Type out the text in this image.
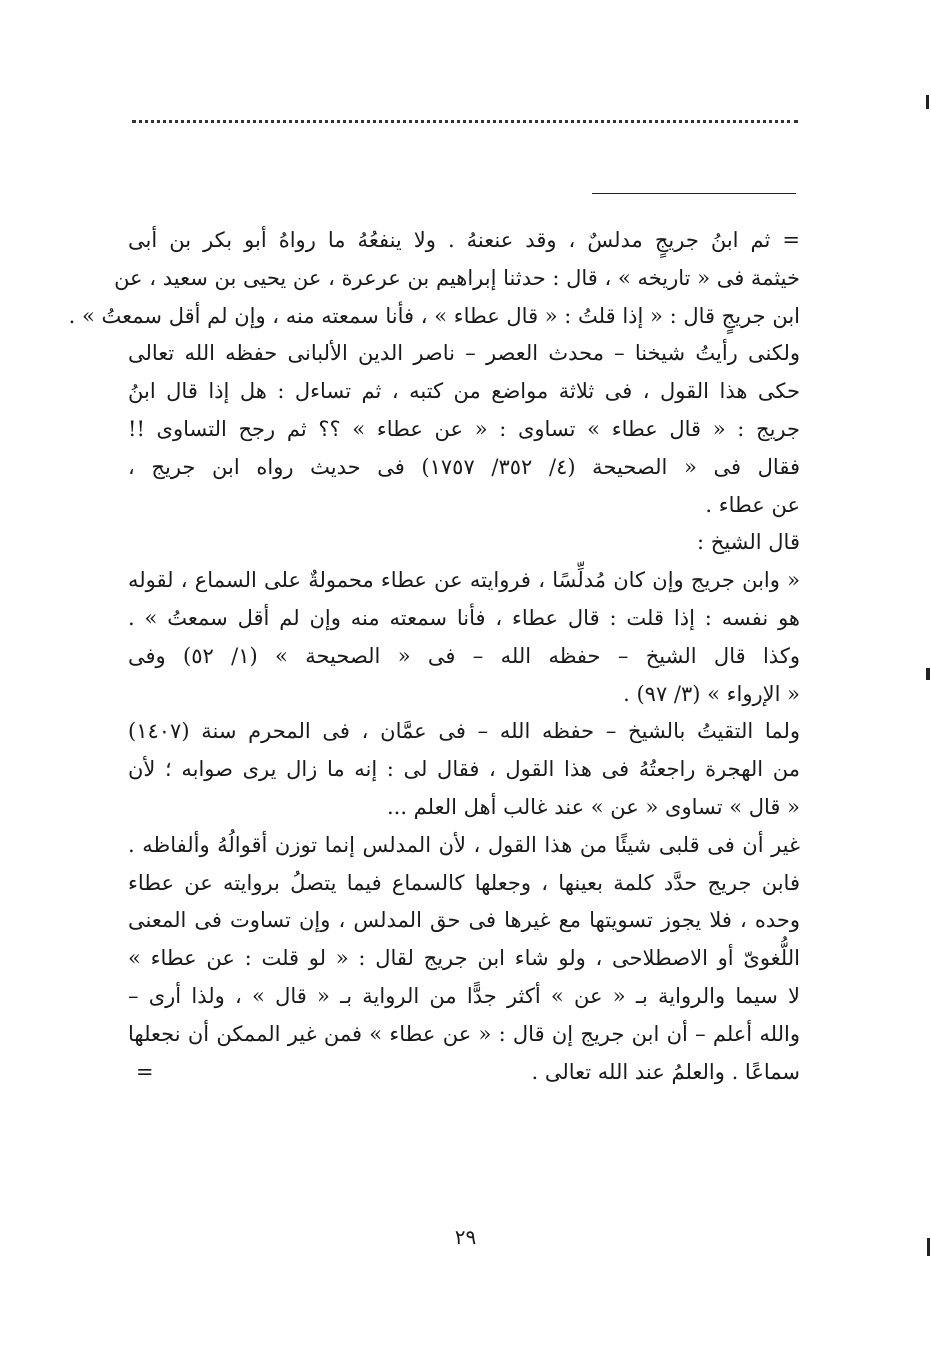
= ثم ابنُ جريجٍ مدلسٌ ، وقد عنعنهُ . ولا ينفعُهُ ما رواهُ أبو بكر بن أبى
خيثمة فى « تاريخه » ، قال : حدثنا إبراهيم بن عرعرة ، عن يحيى بن سعيد ، عن
ابن جريجٍ قال : « إذا قلتُ : « قال عطاء » ، فأنا سمعته منه ، وإن لم أقل سمعتُ » .
ولكنى رأيتُ شيخنا – محدث العصر – ناصر الدين الألبانى حفظه الله تعالى
حكى هذا القول ، فى ثلاثة مواضع من كتبه ، ثم تساءل : هل إذا قال ابنُ
جريج : « قال عطاء » تساوى : « عن عطاء » ؟؟ ثم رجح التساوى !!
فقال فى « الصحيحة (٤/ ٣٥٢/ ١٧٥٧) فى حديث رواه ابن جريج ،
عن عطاء .
قال الشيخ :
« وابن جريج وإن كان مُدلِّسًا ، فروايته عن عطاء محمولةٌ على السماع ، لقوله
هو نفسه : إذا قلت : قال عطاء ، فأنا سمعته منه وإن لم أقل سمعتُ » .
وكذا قال الشيخ – حفظه الله – فى « الصحيحة » (١/ ٥٢) وفى
« الإرواء » (٣/ ٩٧) .
ولما التقيتُ بالشيخ – حفظه الله – فى عمَّان ، فى المحرم سنة (١٤٠٧)
من الهجرة راجعتُهُ فى هذا القول ، فقال لى : إنه ما زال يرى صوابه ؛ لأن
« قال » تساوى « عن » عند غالب أهل العلم ...
غير أن فى قلبى شيئًا من هذا القول ، لأن المدلس إنما توزن أقوالُهُ وألفاظه .
فابن جريج حدَّد كلمة بعينها ، وجعلها كالسماع فيما يتصلُ بروايته عن عطاء
وحده ، فلا يجوز تسويتها مع غيرها فى حق المدلس ، وإن تساوت فى المعنى
اللُّغوىّ أو الاصطلاحى ، ولو شاء ابن جريج لقال : « لو قلت : عن عطاء »
لا سيما والرواية بـ « عن » أكثر جدًّا من الرواية بـ « قال » ، ولذا أرى –
والله أعلم – أن ابن جريج إن قال : « عن عطاء » فمن غير الممكن أن نجعلها
سماعًا . والعلمُ عند الله تعالى .
=
٢٩
